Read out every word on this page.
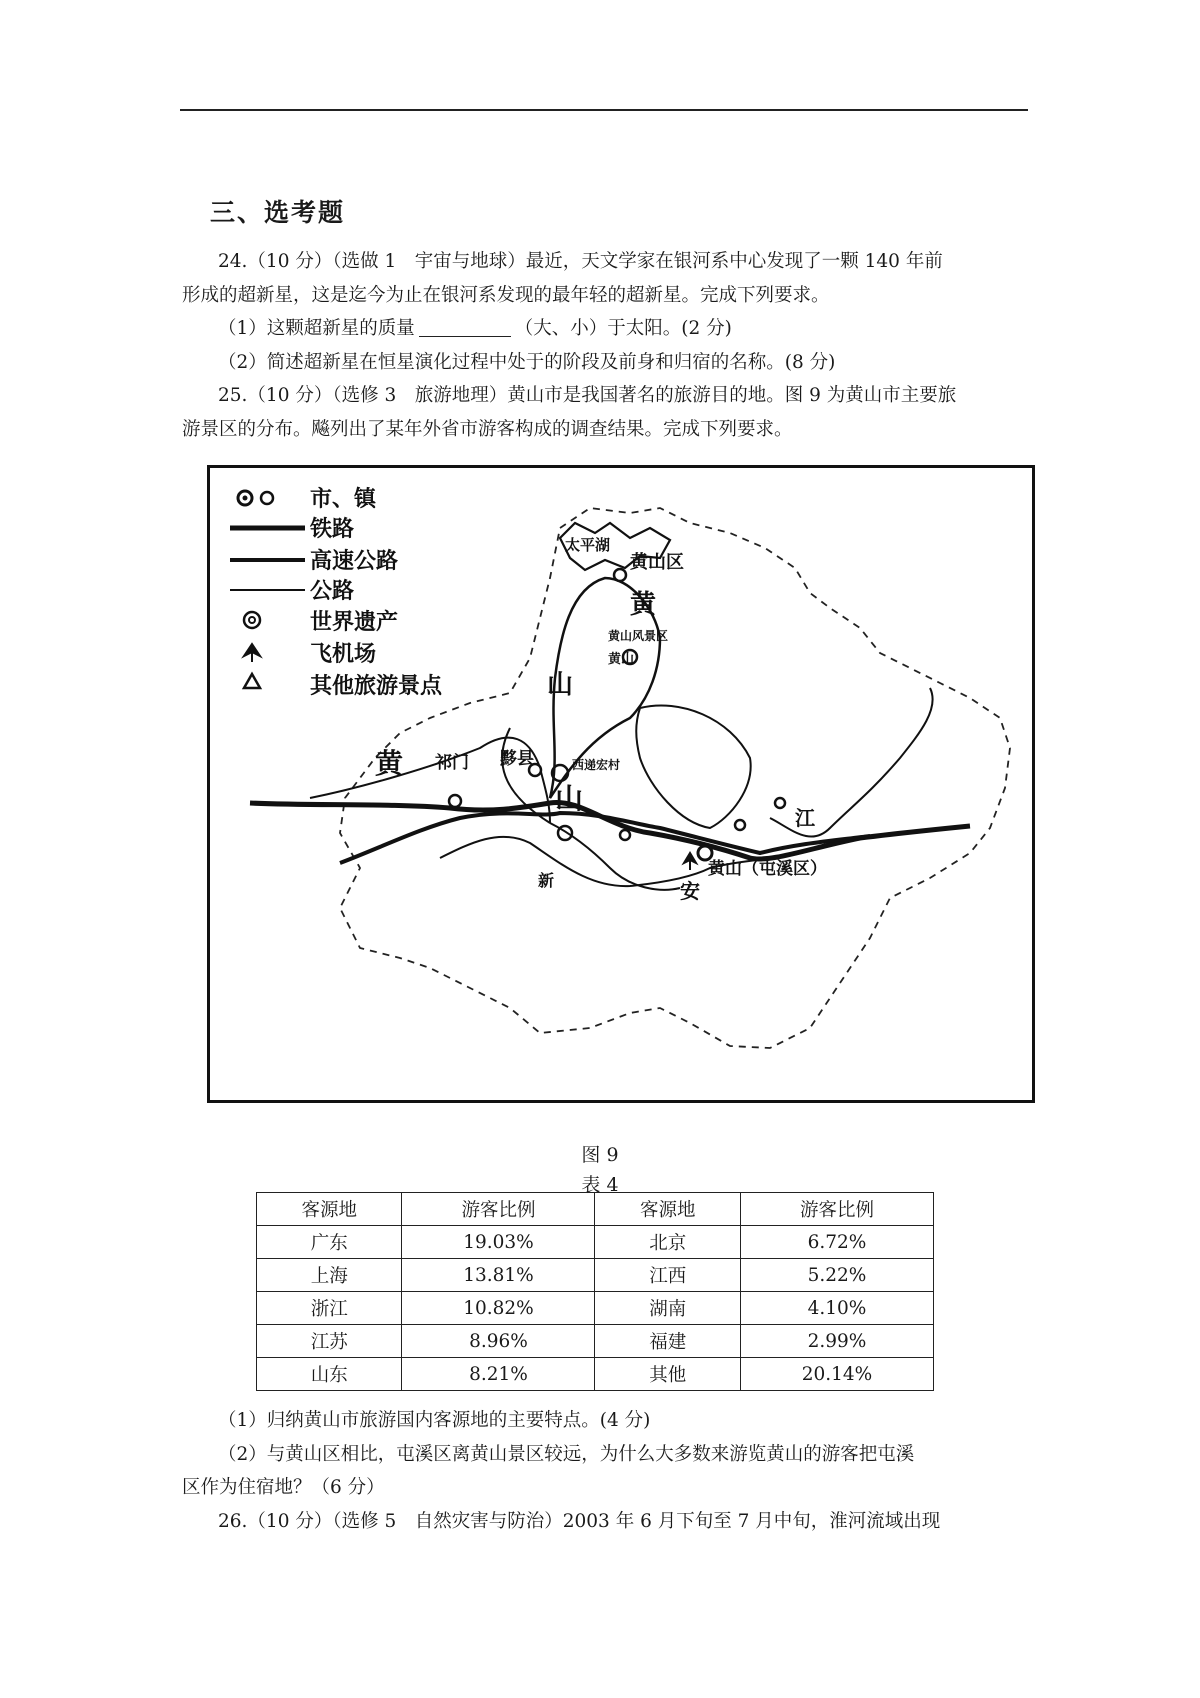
三、选考题
24.（10 分）（选做 1　宇宙与地球）最近，天文学家在银河系中心发现了一颗 140 年前
形成的超新星，这是迄今为止在银河系发现的最年轻的超新星。完成下列要求。
（1）这颗超新星的质量	（大、小）于太阳。(2 分)
（2）简述超新星在恒星演化过程中处于的阶段及前身和归宿的名称。(8 分)
25.（10 分）（选修 3　旅游地理）黄山市是我国著名的旅游目的地。图 9 为黄山市主要旅
游景区的分布。飚列出了某年外省市游客构成的调查结果。完成下列要求。
市、镇
铁路
高速公路
公路
世界遗产
飞机场
其他旅游景点
太平湖
黄山区
黄
黄山风景区
黄山
山
黄 祁门 黟县	西递宏村
山
新	安
江
黄山（屯溪区）
图 9
表 4
客源地	游客比例	客源地	游客比例
广东	19.03%	北京	6.72%
上海	13.81%	江西	5.22%
浙江	10.82%	湖南	4.10%
江苏	8.96%	福建	2.99%
山东	8.21%	其他	20.14%
（1）归纳黄山市旅游国内客源地的主要特点。(4 分)
（2）与黄山区相比，屯溪区离黄山景区较远，为什么大多数来游览黄山的游客把屯溪
区作为住宿地？（6 分）
26.（10 分）（选修 5　自然灾害与防治）2003 年 6 月下旬至 7 月中旬，淮河流域出现
